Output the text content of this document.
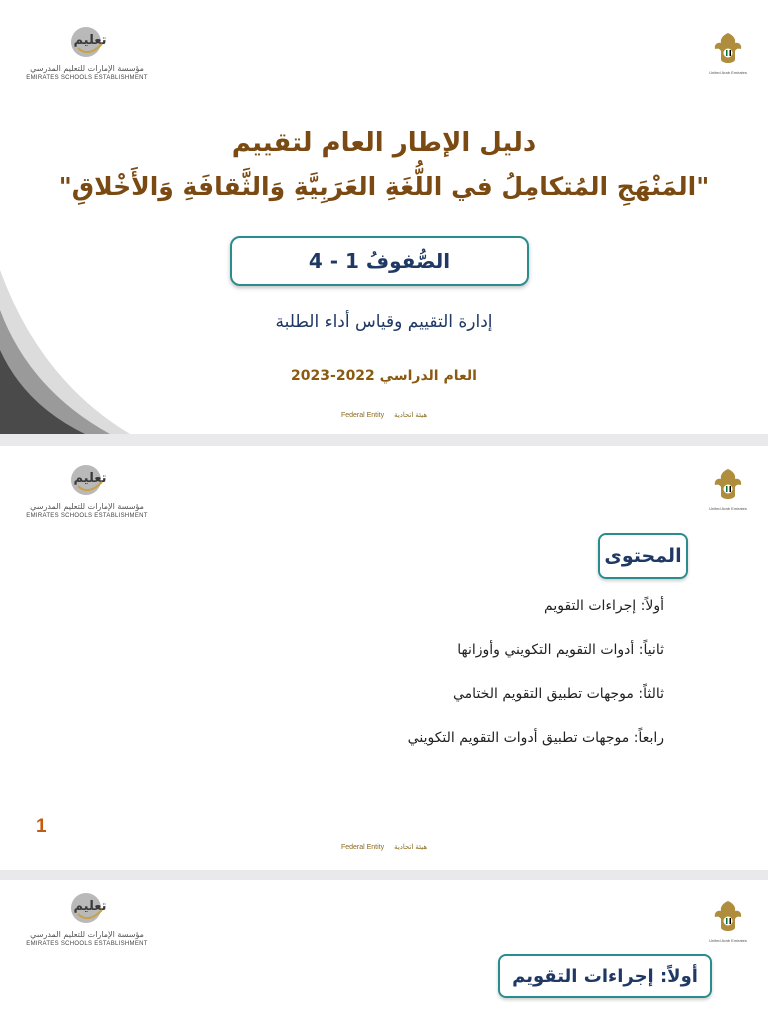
تعليم
مؤسسة الإمارات للتعليم المدرسي
EMIRATES SCHOOLS ESTABLISHMENT
United Arab Emirates
دليل الإطار العام لتقييم
"المَنْهَجِ المُتكامِلُ في اللُّغَةِ العَرَبِيَّةِ وَالثَّقافَةِ وَالأَخْلاقِ"
الصُّفوفُ 1 - 4
إدارة التقييم وقياس أداء الطلبة
العام الدراسي 2022-2023
Federal Entity هيئة اتحادية
تعليم
مؤسسة الإمارات للتعليم المدرسي
EMIRATES SCHOOLS ESTABLISHMENT
United Arab Emirates
المحتوى
أولاً: إجراءات التقويم
ثانياً: أدوات التقويم التكويني وأوزانها
ثالثاً: موجهات تطبيق التقويم الختامي
رابعاً: موجهات تطبيق أدوات التقويم التكويني
1
Federal Entity هيئة اتحادية
تعليم
مؤسسة الإمارات للتعليم المدرسي
EMIRATES SCHOOLS ESTABLISHMENT
United Arab Emirates
أولاً: إجراءات التقويم
